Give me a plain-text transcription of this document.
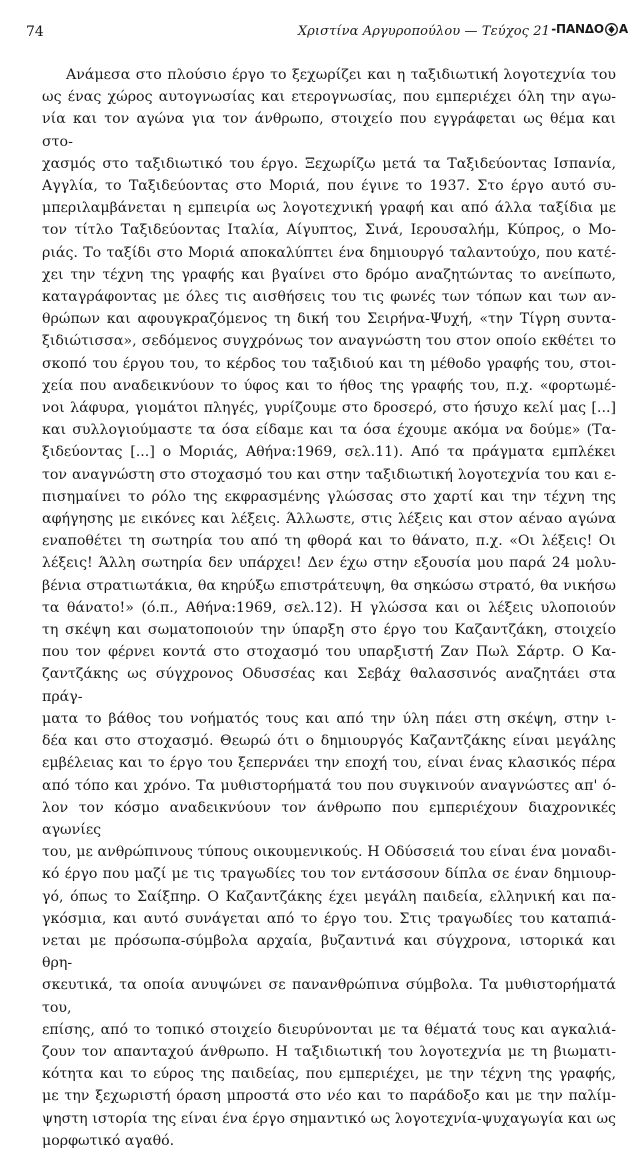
74	Χριστίνα Αργυροπούλου — Τεύχος 21 -ΠΑΝΔΟ Α

Ανάμεσα στο πλούσιο έργο το ξεχωρίζει και η ταξιδιωτική λογοτεχνία του
ως ένας χώρος αυτογνωσίας και ετερογνωσίας, που εμπεριέχει όλη την αγω-
νία και τον αγώνα για τον άνθρωπο, στοιχείο που εγγράφεται ως θέμα και στο-
χασμός στο ταξιδιωτικό του έργο. Ξεχωρίζω μετά τα Ταξιδεύοντας Ισπανία,
Αγγλία, το Ταξιδεύοντας στο Μοριά, που έγινε το 1937. Στο έργο αυτό συ-
μπεριλαμβάνεται η εμπειρία ως λογοτεχνική γραφή και από άλλα ταξίδια με
τον τίτλο Ταξιδεύοντας Ιταλία, Αίγυπτος, Σινά, Ιερουσαλήμ, Κύπρος, ο Μο-
ριάς. Το ταξίδι στο Μοριά αποκαλύπτει ένα δημιουργό ταλαντούχο, που κατέ-
χει την τέχνη της γραφής και βγαίνει στο δρόμο αναζητώντας το ανείπωτο,
καταγράφοντας με όλες τις αισθήσεις του τις φωνές των τόπων και των αν-
θρώπων και αφουγκραζόμενος τη δική του Σειρήνα-Ψυχή, «την Τίγρη συντα-
ξιδιώτισσα», σεδόμενος συγχρόνως τον αναγνώστη του στον οποίο εκθέτει το
σκοπό του έργου του, το κέρδος του ταξιδιού και τη μέθοδο γραφής του, στοι-
χεία που αναδεικνύουν το ύφος και το ήθος της γραφής του, π.χ. «φορτωμέ-
νοι λάφυρα, γιομάτοι πληγές, γυρίζουμε στο δροσερό, στο ήσυχο κελί μας [...]
και συλλογιούμαστε τα όσα είδαμε και τα όσα έχουμε ακόμα να δούμε» (Τα-
ξιδεύοντας [...] ο Μοριάς, Αθήνα:1969, σελ.11). Από τα πράγματα εμπλέκει
τον αναγνώστη στο στοχασμό του και στην ταξιδιωτική λογοτεχνία του και ε-
πισημαίνει το ρόλο της εκφρασμένης γλώσσας στο χαρτί και την τέχνη της
αφήγησης με εικόνες και λέξεις. Άλλωστε, στις λέξεις και στον αέναο αγώνα
εναποθέτει τη σωτηρία του από τη φθορά και το θάνατο, π.χ. «Οι λέξεις! Οι
λέξεις! Άλλη σωτηρία δεν υπάρχει! Δεν έχω στην εξουσία μου παρά 24 μολυ-
βένια στρατιωτάκια, θα κηρύξω επιστράτευψη, θα σηκώσω στρατό, θα νικήσω
τα θάνατο!» (ό.π., Αθήνα:1969, σελ.12). Η γλώσσα και οι λέξεις υλοποιούν
τη σκέψη και σωματοποιούν την ύπαρξη στο έργο του Καζαντζάκη, στοιχείο
που τον φέρνει κοντά στο στοχασμό του υπαρξιστή Ζαν Πωλ Σάρτρ. Ο Κα-
ζαντζάκης ως σύγχρονος Οδυσσέας και Σεβάχ θαλασσινός αναζητάει στα πράγ-
ματα το βάθος του νοήματός τους και από την ύλη πάει στη σκέψη, στην ι-
δέα και στο στοχασμό. Θεωρώ ότι ο δημιουργός Καζαντζάκης είναι μεγάλης
εμβέλειας και το έργο του ξεπερνάει την εποχή του, είναι ένας κλασικός πέρα
από τόπο και χρόνο. Τα μυθιστορήματά του που συγκινούν αναγνώστες απ' ό-
λον τον κόσμο αναδεικνύουν τον άνθρωπο που εμπεριέχουν διαχρονικές αγωνίες
του, με ανθρώπινους τύπους οικουμενικούς. Η Οδύσσειά του είναι ένα μοναδι-
κό έργο που μαζί με τις τραγωδίες του τον εντάσσουν δίπλα σε έναν δημιουρ-
γό, όπως το Σαίξπηρ. Ο Καζαντζάκης έχει μεγάλη παιδεία, ελληνική και πα-
γκόσμια, και αυτό συνάγεται από το έργο του. Στις τραγωδίες του καταπιά-
νεται με πρόσωπα-σύμβολα αρχαία, βυζαντινά και σύγχρονα, ιστορικά και θρη-
σκευτικά, τα οποία ανυψώνει σε πανανθρώπινα σύμβολα. Τα μυθιστορήματά του,
επίσης, από το τοπικό στοιχείο διευρύνονται με τα θέματά τους και αγκαλιά-
ζουν τον απανταχού άνθρωπο. Η ταξιδιωτική του λογοτεχνία με τη βιωματι-
κότητα και το εύρος της παιδείας, που εμπεριέχει, με την τέχνη της γραφής,
με την ξεχωριστή όραση μπροστά στο νέο και το παράδοξο και με την παλίμ-
ψηστη ιστορία της είναι ένα έργο σημαντικό ως λογοτεχνία-ψυχαγωγία και ως
μορφωτικό αγαθό.
